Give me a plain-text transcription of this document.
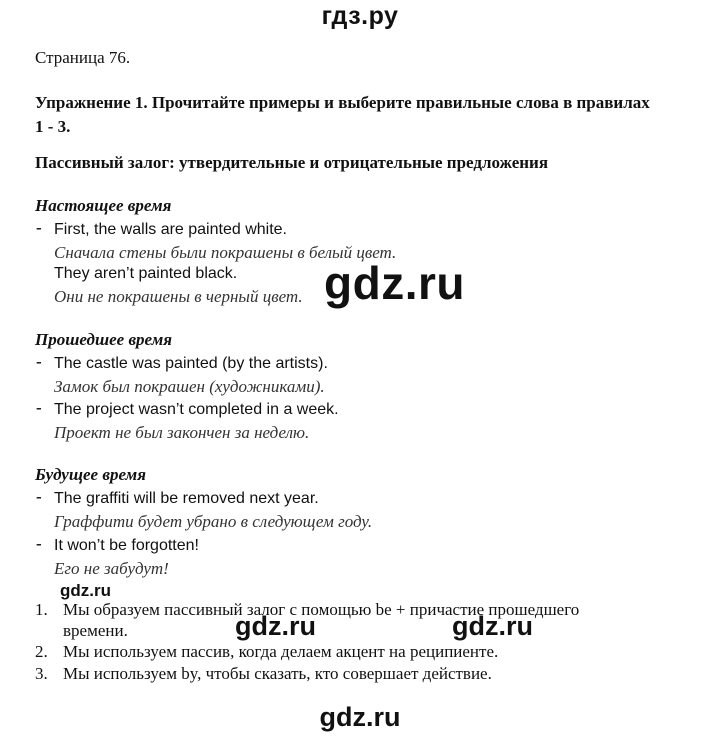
гдз.ру
Страница 76.
Упражнение 1. Прочитайте примеры и выберите правильные слова в правилах 1 - 3.
Пассивный залог: утвердительные и отрицательные предложения
Настоящее время
- First, the walls are painted white.
Сначала стены были покрашены в белый цвет.
They aren’t painted black.
Они не покрашены в черный цвет. gdz.ru
Прошедшее время
- The castle was painted (by the artists).
Замок был покрашен (художниками).
- The project wasn’t completed in a week.
Проект не был закончен за неделю.
Будущее время
- The graffiti will be removed next year.
Граффити будет убрано в следующем году.
- It won’t be forgotten!
Его не забудут!
gdz.ru
1. Мы образуем пассивный залог с помощью be + причастие прошедшего
времени.	gdz.ru	gdz.ru
2. Мы используем пассив, когда делаем акцент на реципиенте.
3. Мы используем by, чтобы сказать, кто совершает действие.
gdz.ru
